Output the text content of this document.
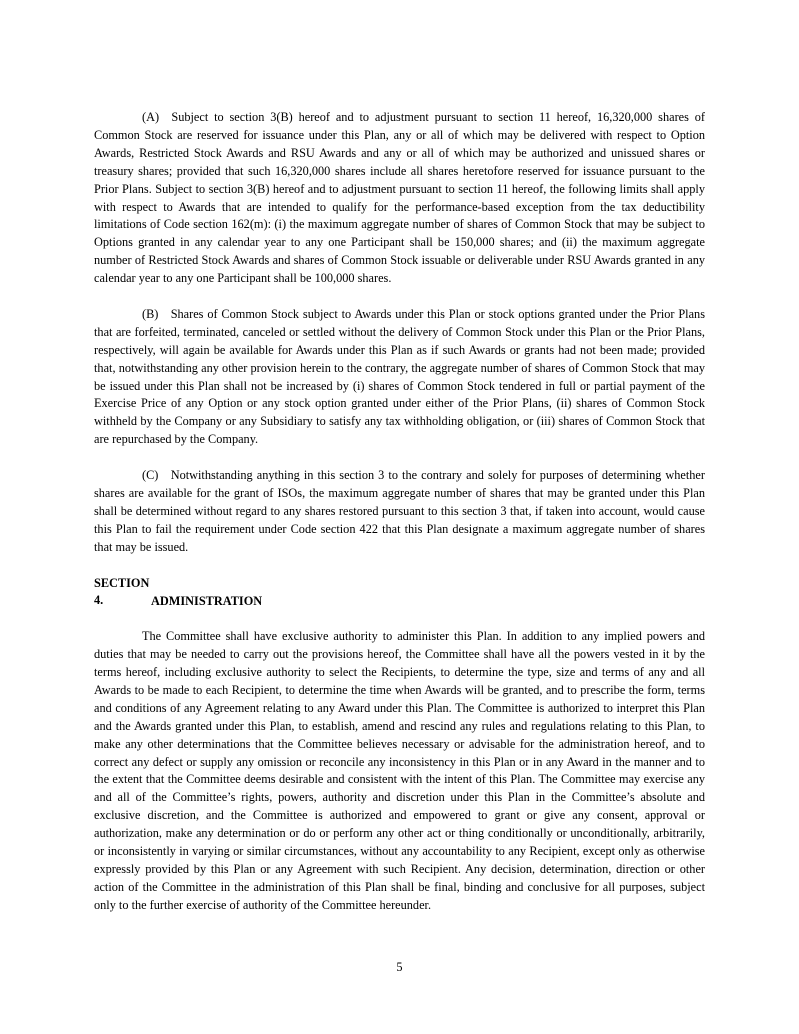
(A) Subject to section 3(B) hereof and to adjustment pursuant to section 11 hereof, 16,320,000 shares of Common Stock are reserved for issuance under this Plan, any or all of which may be delivered with respect to Option Awards, Restricted Stock Awards and RSU Awards and any or all of which may be authorized and unissued shares or treasury shares; provided that such 16,320,000 shares include all shares heretofore reserved for issuance pursuant to the Prior Plans. Subject to section 3(B) hereof and to adjustment pursuant to section 11 hereof, the following limits shall apply with respect to Awards that are intended to qualify for the performance-based exception from the tax deductibility limitations of Code section 162(m): (i) the maximum aggregate number of shares of Common Stock that may be subject to Options granted in any calendar year to any one Participant shall be 150,000 shares; and (ii) the maximum aggregate number of Restricted Stock Awards and shares of Common Stock issuable or deliverable under RSU Awards granted in any calendar year to any one Participant shall be 100,000 shares.

(B) Shares of Common Stock subject to Awards under this Plan or stock options granted under the Prior Plans that are forfeited, terminated, canceled or settled without the delivery of Common Stock under this Plan or the Prior Plans, respectively, will again be available for Awards under this Plan as if such Awards or grants had not been made; provided that, notwithstanding any other provision herein to the contrary, the aggregate number of shares of Common Stock that may be issued under this Plan shall not be increased by (i) shares of Common Stock tendered in full or partial payment of the Exercise Price of any Option or any stock option granted under either of the Prior Plans, (ii) shares of Common Stock withheld by the Company or any Subsidiary to satisfy any tax withholding obligation, or (iii) shares of Common Stock that are repurchased by the Company.

(C) Notwithstanding anything in this section 3 to the contrary and solely for purposes of determining whether shares are available for the grant of ISOs, the maximum aggregate number of shares that may be granted under this Plan shall be determined without regard to any shares restored pursuant to this section 3 that, if taken into account, would cause this Plan to fail the requirement under Code section 422 that this Plan designate a maximum aggregate number of shares that may be issued.

SECTION 4.	ADMINISTRATION

The Committee shall have exclusive authority to administer this Plan. In addition to any implied powers and duties that may be needed to carry out the provisions hereof, the Committee shall have all the powers vested in it by the terms hereof, including exclusive authority to select the Recipients, to determine the type, size and terms of any and all Awards to be made to each Recipient, to determine the time when Awards will be granted, and to prescribe the form, terms and conditions of any Agreement relating to any Award under this Plan. The Committee is authorized to interpret this Plan and the Awards granted under this Plan, to establish, amend and rescind any rules and regulations relating to this Plan, to make any other determinations that the Committee believes necessary or advisable for the administration hereof, and to correct any defect or supply any omission or reconcile any inconsistency in this Plan or in any Award in the manner and to the extent that the Committee deems desirable and consistent with the intent of this Plan. The Committee may exercise any and all of the Committee’s rights, powers, authority and discretion under this Plan in the Committee’s absolute and exclusive discretion, and the Committee is authorized and empowered to grant or give any consent, approval or authorization, make any determination or do or perform any other act or thing conditionally or unconditionally, arbitrarily, or inconsistently in varying or similar circumstances, without any accountability to any Recipient, except only as otherwise expressly provided by this Plan or any Agreement with such Recipient. Any decision, determination, direction or other action of the Committee in the administration of this Plan shall be final, binding and conclusive for all purposes, subject only to the further exercise of authority of the Committee hereunder.

5
